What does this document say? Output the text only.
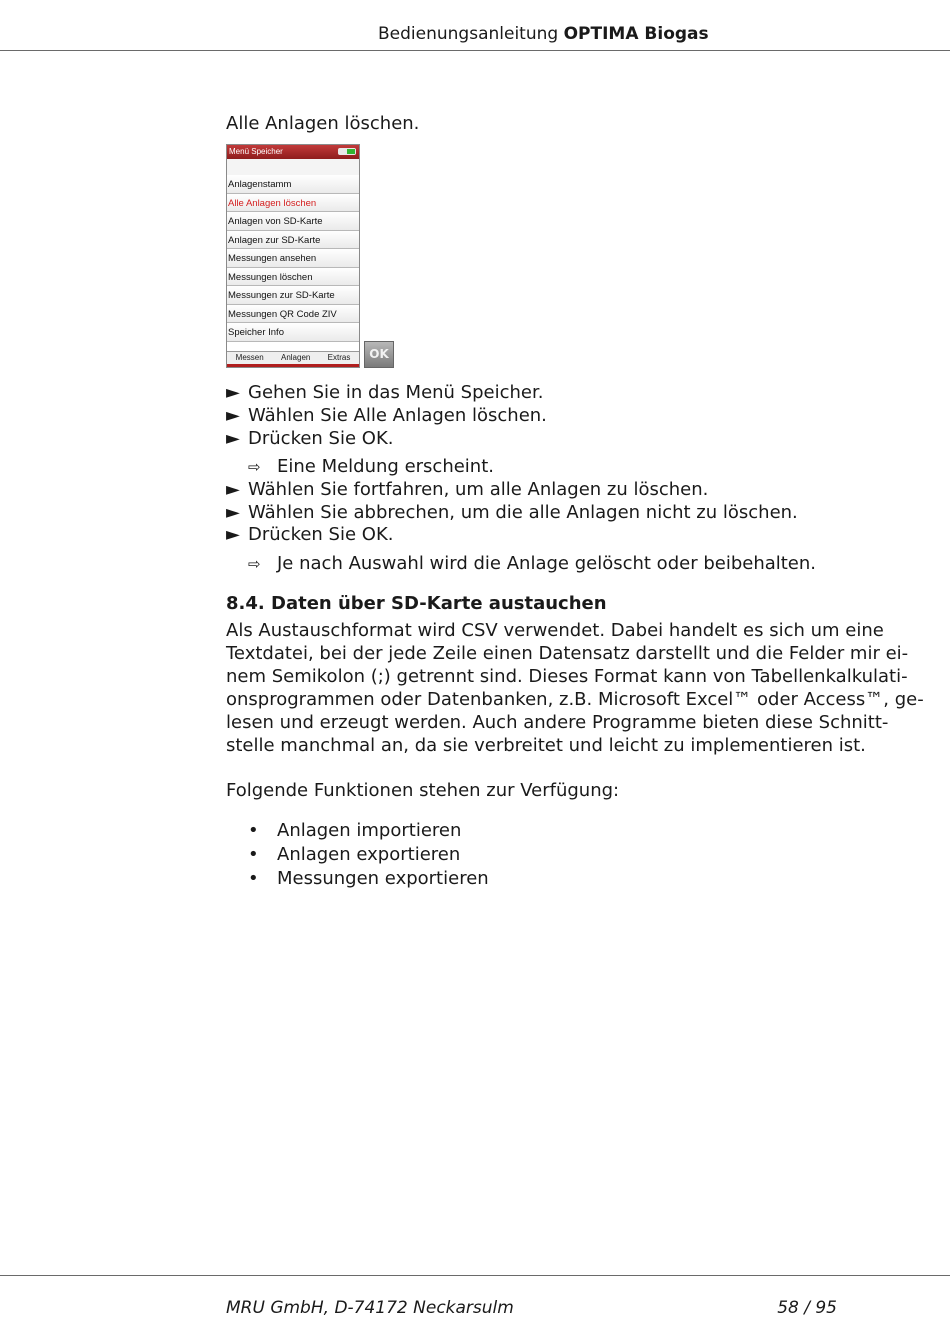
Bedienungsanleitung OPTIMA Biogas
Alle Anlagen löschen.
Menü Speicher
Anlagenstamm
Alle Anlagen löschen
Anlagen von SD-Karte
Anlagen zur SD-Karte
Messungen ansehen
Messungen löschen
Messungen zur SD-Karte
Messungen QR Code ZIV
Speicher Info
Messen Anlagen Extras	OK
► Gehen Sie in das Menü Speicher.
► Wählen Sie Alle Anlagen löschen.
► Drücken Sie OK.
⇨ Eine Meldung erscheint.
► Wählen Sie fortfahren, um alle Anlagen zu löschen.
► Wählen Sie abbrechen, um die alle Anlagen nicht zu löschen.
► Drücken Sie OK.
⇨ Je nach Auswahl wird die Anlage gelöscht oder beibehalten.
8.4. Daten über SD-Karte austauchen
Als Austauschformat wird CSV verwendet. Dabei handelt es sich um eine
Textdatei, bei der jede Zeile einen Datensatz darstellt und die Felder mir ei-
nem Semikolon (;) getrennt sind. Dieses Format kann von Tabellenkalkulati-
onsprogrammen oder Datenbanken, z.B. Microsoft Excel™ oder Access™, ge-
lesen und erzeugt werden. Auch andere Programme bieten diese Schnitt-
stelle manchmal an, da sie verbreitet und leicht zu implementieren ist.
Folgende Funktionen stehen zur Verfügung:
• Anlagen importieren
• Anlagen exportieren
• Messungen exportieren
MRU GmbH, D-74172 Neckarsulm	58 / 95
